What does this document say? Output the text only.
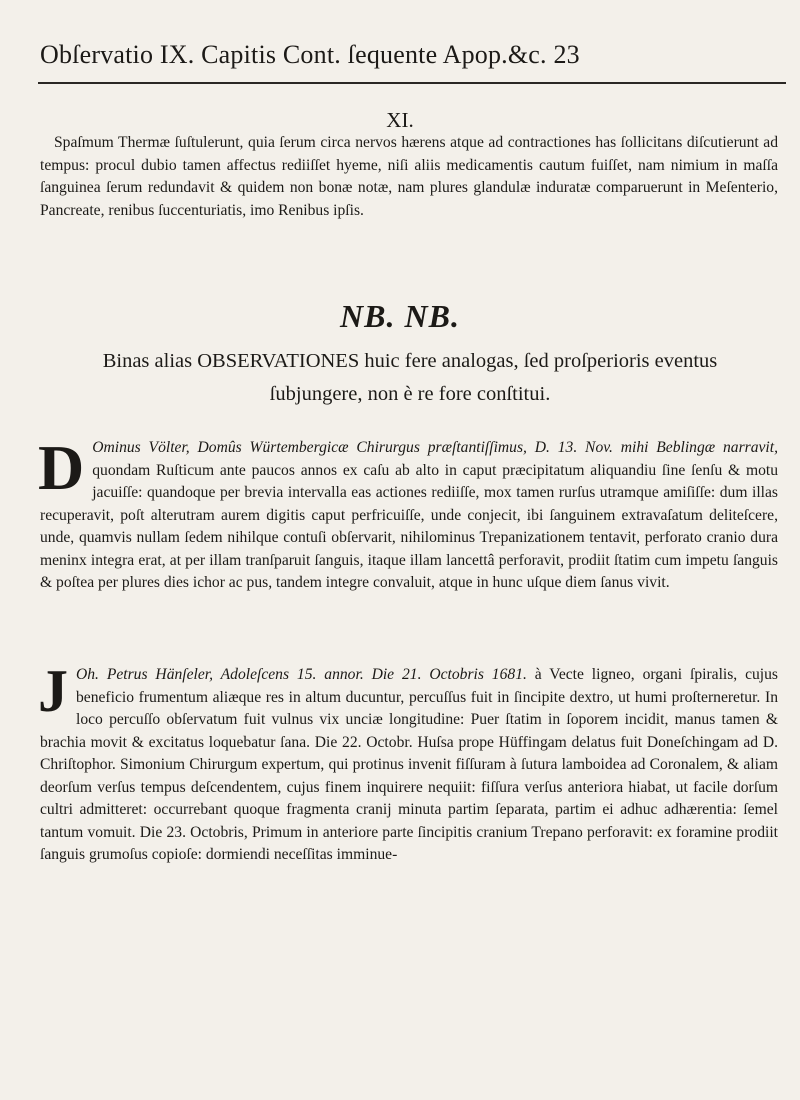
Obſervatio IX. Capitis Cont. ſequente Apop.&c. 23
XI.

Spaſmum Thermæ ſuſtulerunt, quia ſerum circa nervos hærens atque ad contractiones has ſollicitans diſcutierunt ad tempus: procul dubio tamen affectus rediiſſet hyeme, niſi aliis medicamentis cautum fuiſſet, nam nimium in maſſa ſanguinea ſerum redundavit & quidem non bonæ notæ, nam plures glandulæ induratæ comparuerunt in Meſenterio, Pancreate, renibus ſuccenturiatis, imo Renibus ipſis.

NB. NB.
Binas alias OBSERVATIONES huic fere analogas, ſed proſperioris eventus ſubjungere, non è re fore conſtitui.

D Ominus Völter, Domûs Würtembergicæ Chirurgus præſtantiſſimus, D. 13. Nov. mihi Beblingæ narravit, quondam Ruſticum ante paucos annos ex caſu ab alto in caput præcipitatum aliquandiu ſine ſenſu & motu jacuiſſe: quandoque per brevia intervalla eas actiones rediiſſe, mox tamen rurſus utramque amiſiſſe: dum illas recuperavit, poſt alterutram aurem digitis caput perfricuiſſe, unde conjecit, ibi ſanguinem extravaſatum delitеſcere, unde, quamvis nullam ſedem nihilque contuſi obſervarit, nihilominus Trepanizationem tentavit, perforato cranio dura meninx integra erat, at per illam tranſparuit ſanguis, itaque illam lancettâ perforavit, prodiit ſtatim cum impetu ſanguis & poſtea per plures dies ichor ac pus, tandem integre convaluit, atque in hunc uſque diem ſanus vivit.

J Oh. Petrus Hänſeler, Adoleſcens 15. annor. Die 21. Octobris 1681. à Vecte ligneo, organi ſpiralis, cujus beneficio frumentum aliæque res in altum ducuntur, percuſſus fuit in ſincipite dextro, ut humi proſterneretur. In loco percuſſo obſervatum fuit vulnus vix unciæ longitudine: Puer ſtatim in ſoporem incidit, manus tamen & brachia movit & excitatus loquebatur ſana. Die 22. Octobr. Huſsa prope Hüffingam delatus fuit Doneſchingam ad D. Chriſtophor. Simonium Chirurgum expertum, qui protinus invenit fiſſuram à ſutura lamboidea ad Coronalem, & aliam deorſum verſus tempus deſcendentem, cujus finem inquirere nequiit: fiſſura verſus anteriora hiabat, ut facile dorſum cultri admitteret: occurrebant quoque fragmenta cranij minuta partim ſeparata, partim ei adhuc adhærentia: ſemel tantum vomuit. Die 23. Octobris, Primum in anteriore parte ſincipitis cranium Trepano perforavit: ex foramine prodiit ſanguis grumoſus copioſe: dormiendi neceſſitas imminue-
